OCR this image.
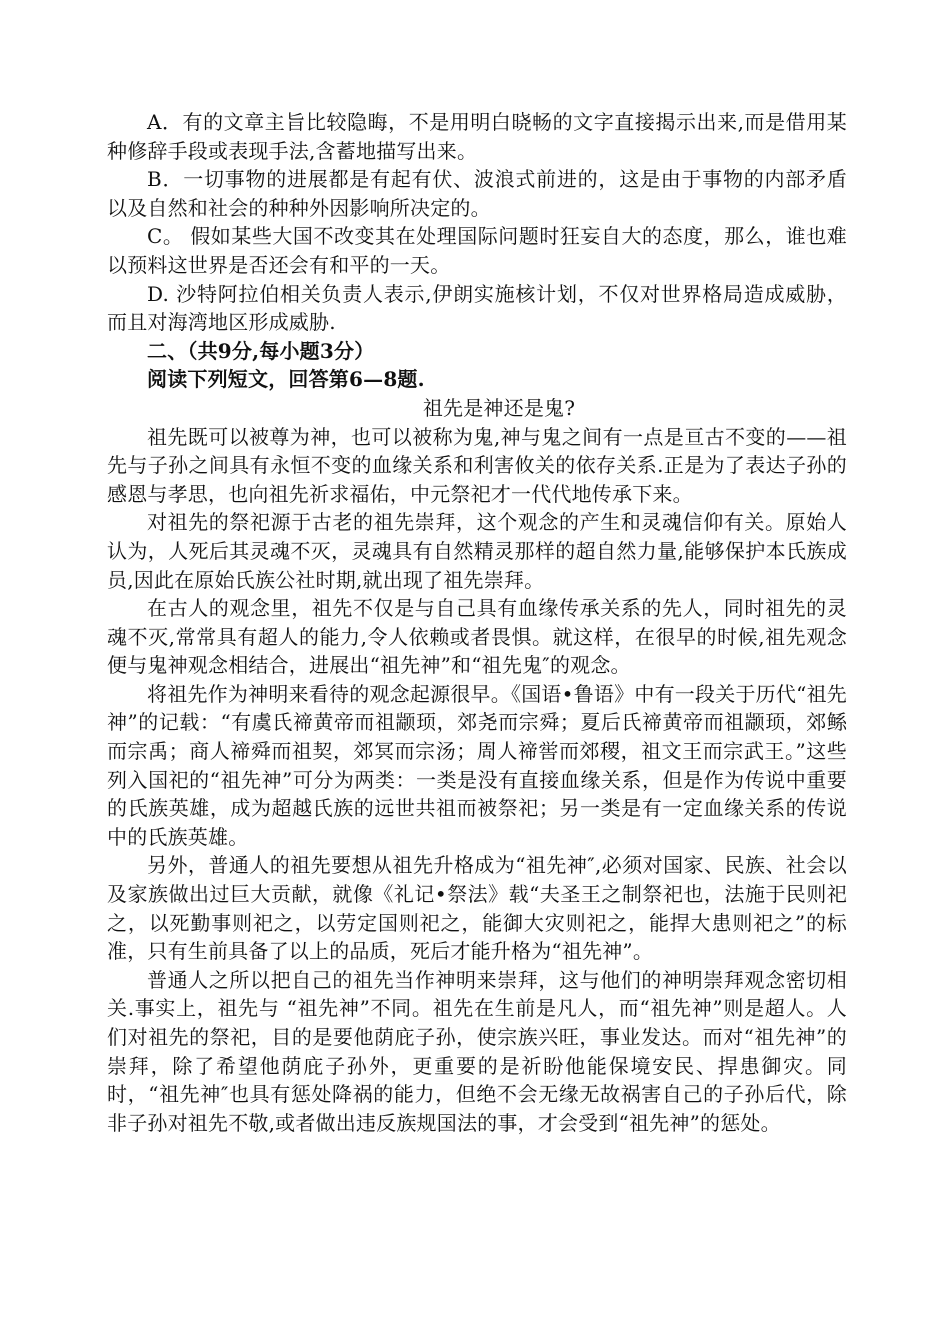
A．有的文章主旨比较隐晦，不是用明白晓畅的文字直接揭示出来,而是借用某种修辞手段或表现手法,含蓄地描写出来。

B．一切事物的进展都是有起有伏、波浪式前进的，这是由于事物的内部矛盾以及自然和社会的种种外因影响所决定的。

C。 假如某些大国不改变其在处理国际问题时狂妄自大的态度，那么，谁也难以预料这世界是否还会有和平的一天。

D. 沙特阿拉伯相关负责人表示,伊朗实施核计划，不仅对世界格局造成威胁，而且对海湾地区形成威胁.

二、（共9分,每小题3分）

阅读下列短文，回答第6—8题.

祖先是神还是鬼?

祖先既可以被尊为神，也可以被称为鬼,神与鬼之间有一点是亘古不变的——祖先与子孙之间具有永恒不变的血缘关系和利害攸关的依存关系.正是为了表达子孙的感恩与孝思，也向祖先祈求福佑，中元祭祀才一代代地传承下来。

对祖先的祭祀源于古老的祖先崇拜，这个观念的产生和灵魂信仰有关。原始人认为，人死后其灵魂不灭，灵魂具有自然精灵那样的超自然力量,能够保护本氏族成员,因此在原始氏族公社时期,就出现了祖先崇拜。

在古人的观念里，祖先不仅是与自己具有血缘传承关系的先人，同时祖先的灵魂不灭,常常具有超人的能力,令人依赖或者畏惧。就这样，在很早的时候,祖先观念便与鬼神观念相结合，进展出“祖先神”和“祖先鬼″的观念。

将祖先作为神明来看待的观念起源很早。《国语•鲁语》中有一段关于历代“祖先神”的记载：“有虞氏禘黄帝而祖颛顼，郊尧而宗舜；夏后氏禘黄帝而祖颛顼，郊鲧而宗禹；商人禘舜而祖契，郊冥而宗汤；周人禘喾而郊稷，祖文王而宗武王。”这些列入国祀的“祖先神”可分为两类：一类是没有直接血缘关系，但是作为传说中重要的氏族英雄，成为超越氏族的远世共祖而被祭祀；另一类是有一定血缘关系的传说中的氏族英雄。

另外，普通人的祖先要想从祖先升格成为“祖先神″,必须对国家、民族、社会以及家族做出过巨大贡献，就像《礼记•祭法》载“夫圣王之制祭祀也，法施于民则祀之，以死勤事则祀之，以劳定国则祀之，能御大灾则祀之，能捍大患则祀之”的标准，只有生前具备了以上的品质，死后才能升格为“祖先神”。

普通人之所以把自己的祖先当作神明来崇拜，这与他们的神明崇拜观念密切相关.事实上，祖先与 “祖先神”不同。祖先在生前是凡人，而“祖先神”则是超人。人们对祖先的祭祀，目的是要他荫庇子孙，使宗族兴旺，事业发达。而对“祖先神”的崇拜，除了希望他荫庇子孙外，更重要的是祈盼他能保境安民、捍患御灾。同时，“祖先神″也具有惩处降祸的能力，但绝不会无缘无故祸害自己的子孙后代，除非子孙对祖先不敬,或者做出违反族规国法的事，才会受到“祖先神”的惩处。
